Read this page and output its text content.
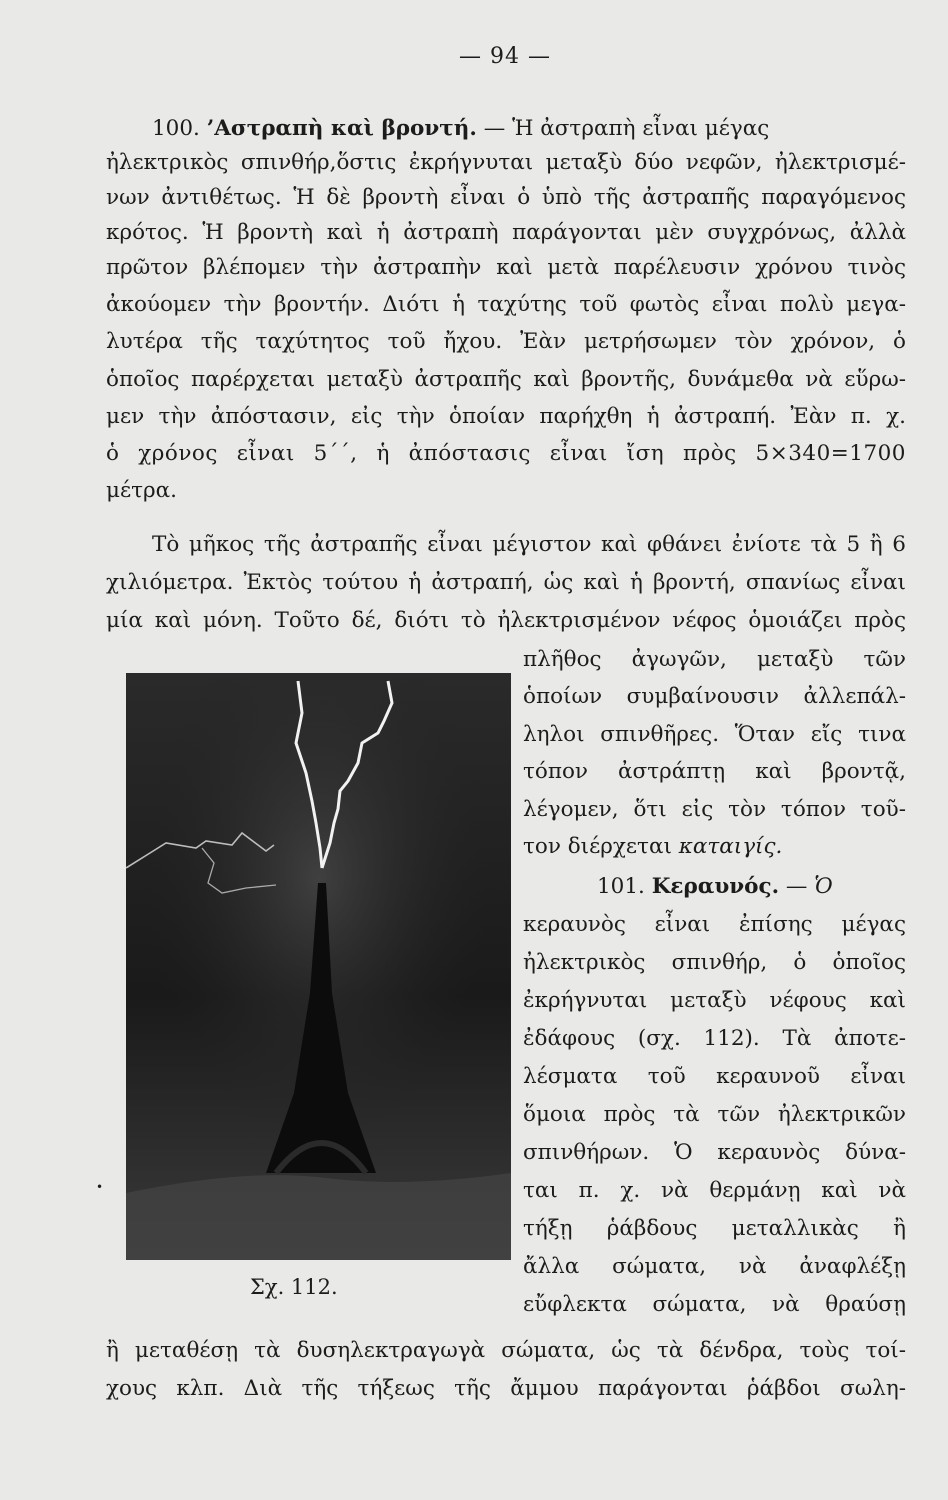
— 94 —
100. ’Αστραπὴ καὶ βροντή. — Ἡ ἀστραπὴ εἶναι μέγας
ἠλεκτρικὸς σπινθήρ,ὅστις ἐκρήγνυται μεταξὺ δύο νεφῶν, ἠλεκτρισμέ-
νων ἀντιθέτως. Ἡ δὲ βροντὴ εἶναι ὁ ὑπὸ τῆς ἀστραπῆς παραγόμενος
κρότος. Ἡ βροντὴ καὶ ἡ ἀστραπὴ παράγονται μὲν συγχρόνως, ἀλλὰ
πρῶτον βλέπομεν τὴν ἀστραπὴν καὶ μετὰ παρέλευσιν χρόνου τινὸς
ἀκούομεν τὴν βροντήν. Διότι ἡ ταχύτης τοῦ φωτὸς εἶναι πολὺ μεγα-
λυτέρα τῆς ταχύτητος τοῦ ἤχου. Ἐὰν μετρήσωμεν τὸν χρόνον, ὁ
ὁποῖος παρέρχεται μεταξὺ ἀστραπῆς καὶ βροντῆς, δυνάμεθα νὰ εὕρω-
μεν τὴν ἀπόστασιν, εἰς τὴν ὁποίαν παρήχθη ἡ ἀστραπή. Ἐὰν π. χ.
ὁ χρόνος εἶναι 5΄΄, ἡ ἀπόστασις εἶναι ἴση πρὸς 5×340=1700
μέτρα.
Τὸ μῆκος τῆς ἀστραπῆς εἶναι μέγιστον καὶ φθάνει ἐνίοτε τὰ 5 ἢ 6
χιλιόμετρα. Ἐκτὸς τούτου ἡ ἀστραπή, ὡς καὶ ἡ βροντή, σπανίως εἶναι
μία καὶ μόνη. Τοῦτο δέ, διότι τὸ ἠλεκτρισμένον νέφος ὁμοιάζει πρὸς
πλῆθος ἀγωγῶν, μεταξὺ τῶν
ὁποίων συμβαίνουσιν ἀλλεπάλ-
ληλοι σπινθῆρες. Ὅταν εἴς τινα
τόπον ἀστράπτῃ καὶ βροντᾷ,
λέγομεν, ὅτι εἰς τὸν τόπον τοῦ-
τον διέρχεται καταιγίς.
101. Κεραυνός. — Ὁ
κεραυνὸς εἶναι ἐπίσης μέγας
ἠλεκτρικὸς σπινθήρ, ὁ ὁποῖος
ἐκρήγνυται μεταξὺ νέφους καὶ
ἐδάφους (σχ. 112). Τὰ ἀποτε-
λέσματα τοῦ κεραυνοῦ εἶναι
ὅμοια πρὸς τὰ τῶν ἠλεκτρικῶν
σπινθήρων. Ὁ κεραυνὸς δύνα-
ται π. χ. νὰ θερμάνῃ καὶ νὰ
τήξῃ ῥάβδους μεταλλικὰς ἢ
ἄλλα σώματα, νὰ ἀναφλέξῃ
εὔφλεκτα σώματα, νὰ θραύσῃ
ἢ μεταθέσῃ τὰ δυσηλεκτραγωγὰ σώματα, ὡς τὰ δένδρα, τοὺς τοί-
χους κλπ. Διὰ τῆς τήξεως τῆς ἄμμου παράγονται ῥάβδοι σωλη-
Σχ. 112.
•
